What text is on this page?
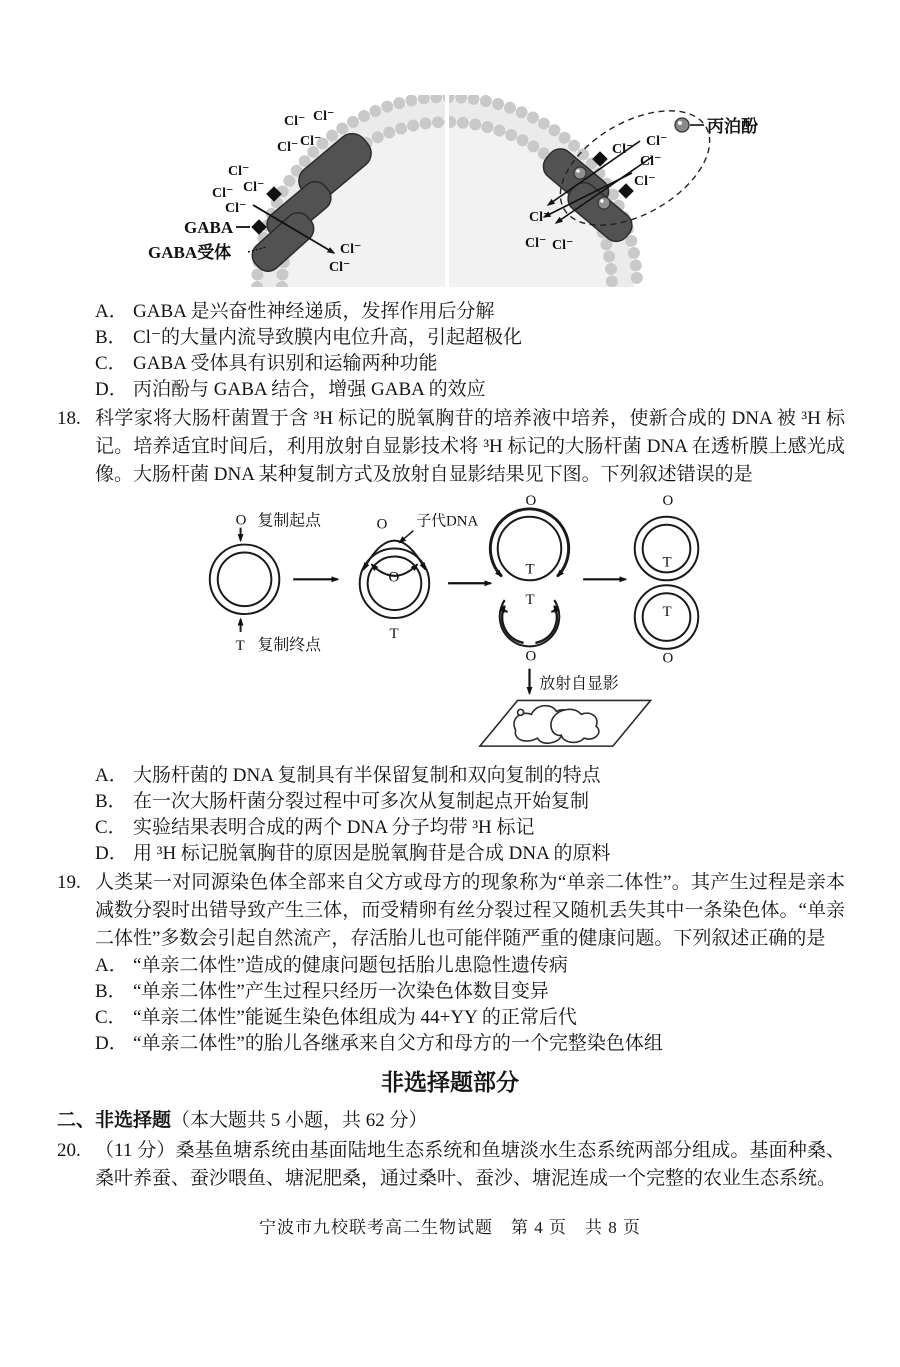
GABA
GABA受体
Cl⁻ Cl⁻
Cl⁻ Cl⁻
Cl⁻
Cl⁻
Cl⁻
Cl⁻
Cl⁻
Cl⁻
丙泊酚
Cl⁻
Cl⁻
Cl⁻
Cl⁻
Cl⁻
Cl⁻ Cl⁻
A． GABA 是兴奋性神经递质，发挥作用后分解
B． Cl⁻的大量内流导致膜内电位升高，引起超极化
C． GABA 受体具有识别和运输两种功能
D． 丙泊酚与 GABA 结合，增强 GABA 的效应
18. 科学家将大肠杆菌置于含 ³H 标记的脱氧胸苷的培养液中培养，使新合成的 DNA 被 ³H 标记。培养适宜时间后，利用放射自显影技术将 ³H 标记的大肠杆菌 DNA 在透析膜上感光成像。大肠杆菌 DNA 某种复制方式及放射自显影结果见下图。下列叙述错误的是
O 复制起点
T 复制终点
O 子代DNA
O
T
O
T
T
O
O
T
T
O
放射自显影
A． 大肠杆菌的 DNA 复制具有半保留复制和双向复制的特点
B． 在一次大肠杆菌分裂过程中可多次从复制起点开始复制
C． 实验结果表明合成的两个 DNA 分子均带 ³H 标记
D． 用 ³H 标记脱氧胸苷的原因是脱氧胸苷是合成 DNA 的原料
19. 人类某一对同源染色体全部来自父方或母方的现象称为“单亲二体性”。其产生过程是亲本减数分裂时出错导致产生三体，而受精卵有丝分裂过程又随机丢失其中一条染色体。“单亲二体性”多数会引起自然流产，存活胎儿也可能伴随严重的健康问题。下列叙述正确的是
A． “单亲二体性”造成的健康问题包括胎儿患隐性遗传病
B． “单亲二体性”产生过程只经历一次染色体数目变异
C． “单亲二体性”能诞生染色体组成为 44+YY 的正常后代
D． “单亲二体性”的胎儿各继承来自父方和母方的一个完整染色体组
非选择题部分
二、非选择题（本大题共 5 小题，共 62 分）
20. （11 分）桑基鱼塘系统由基面陆地生态系统和鱼塘淡水生态系统两部分组成。基面种桑、桑叶养蚕、蚕沙喂鱼、塘泥肥桑，通过桑叶、蚕沙、塘泥连成一个完整的农业生态系统。
宁波市九校联考高二生物试题　第 4 页　共 8 页
